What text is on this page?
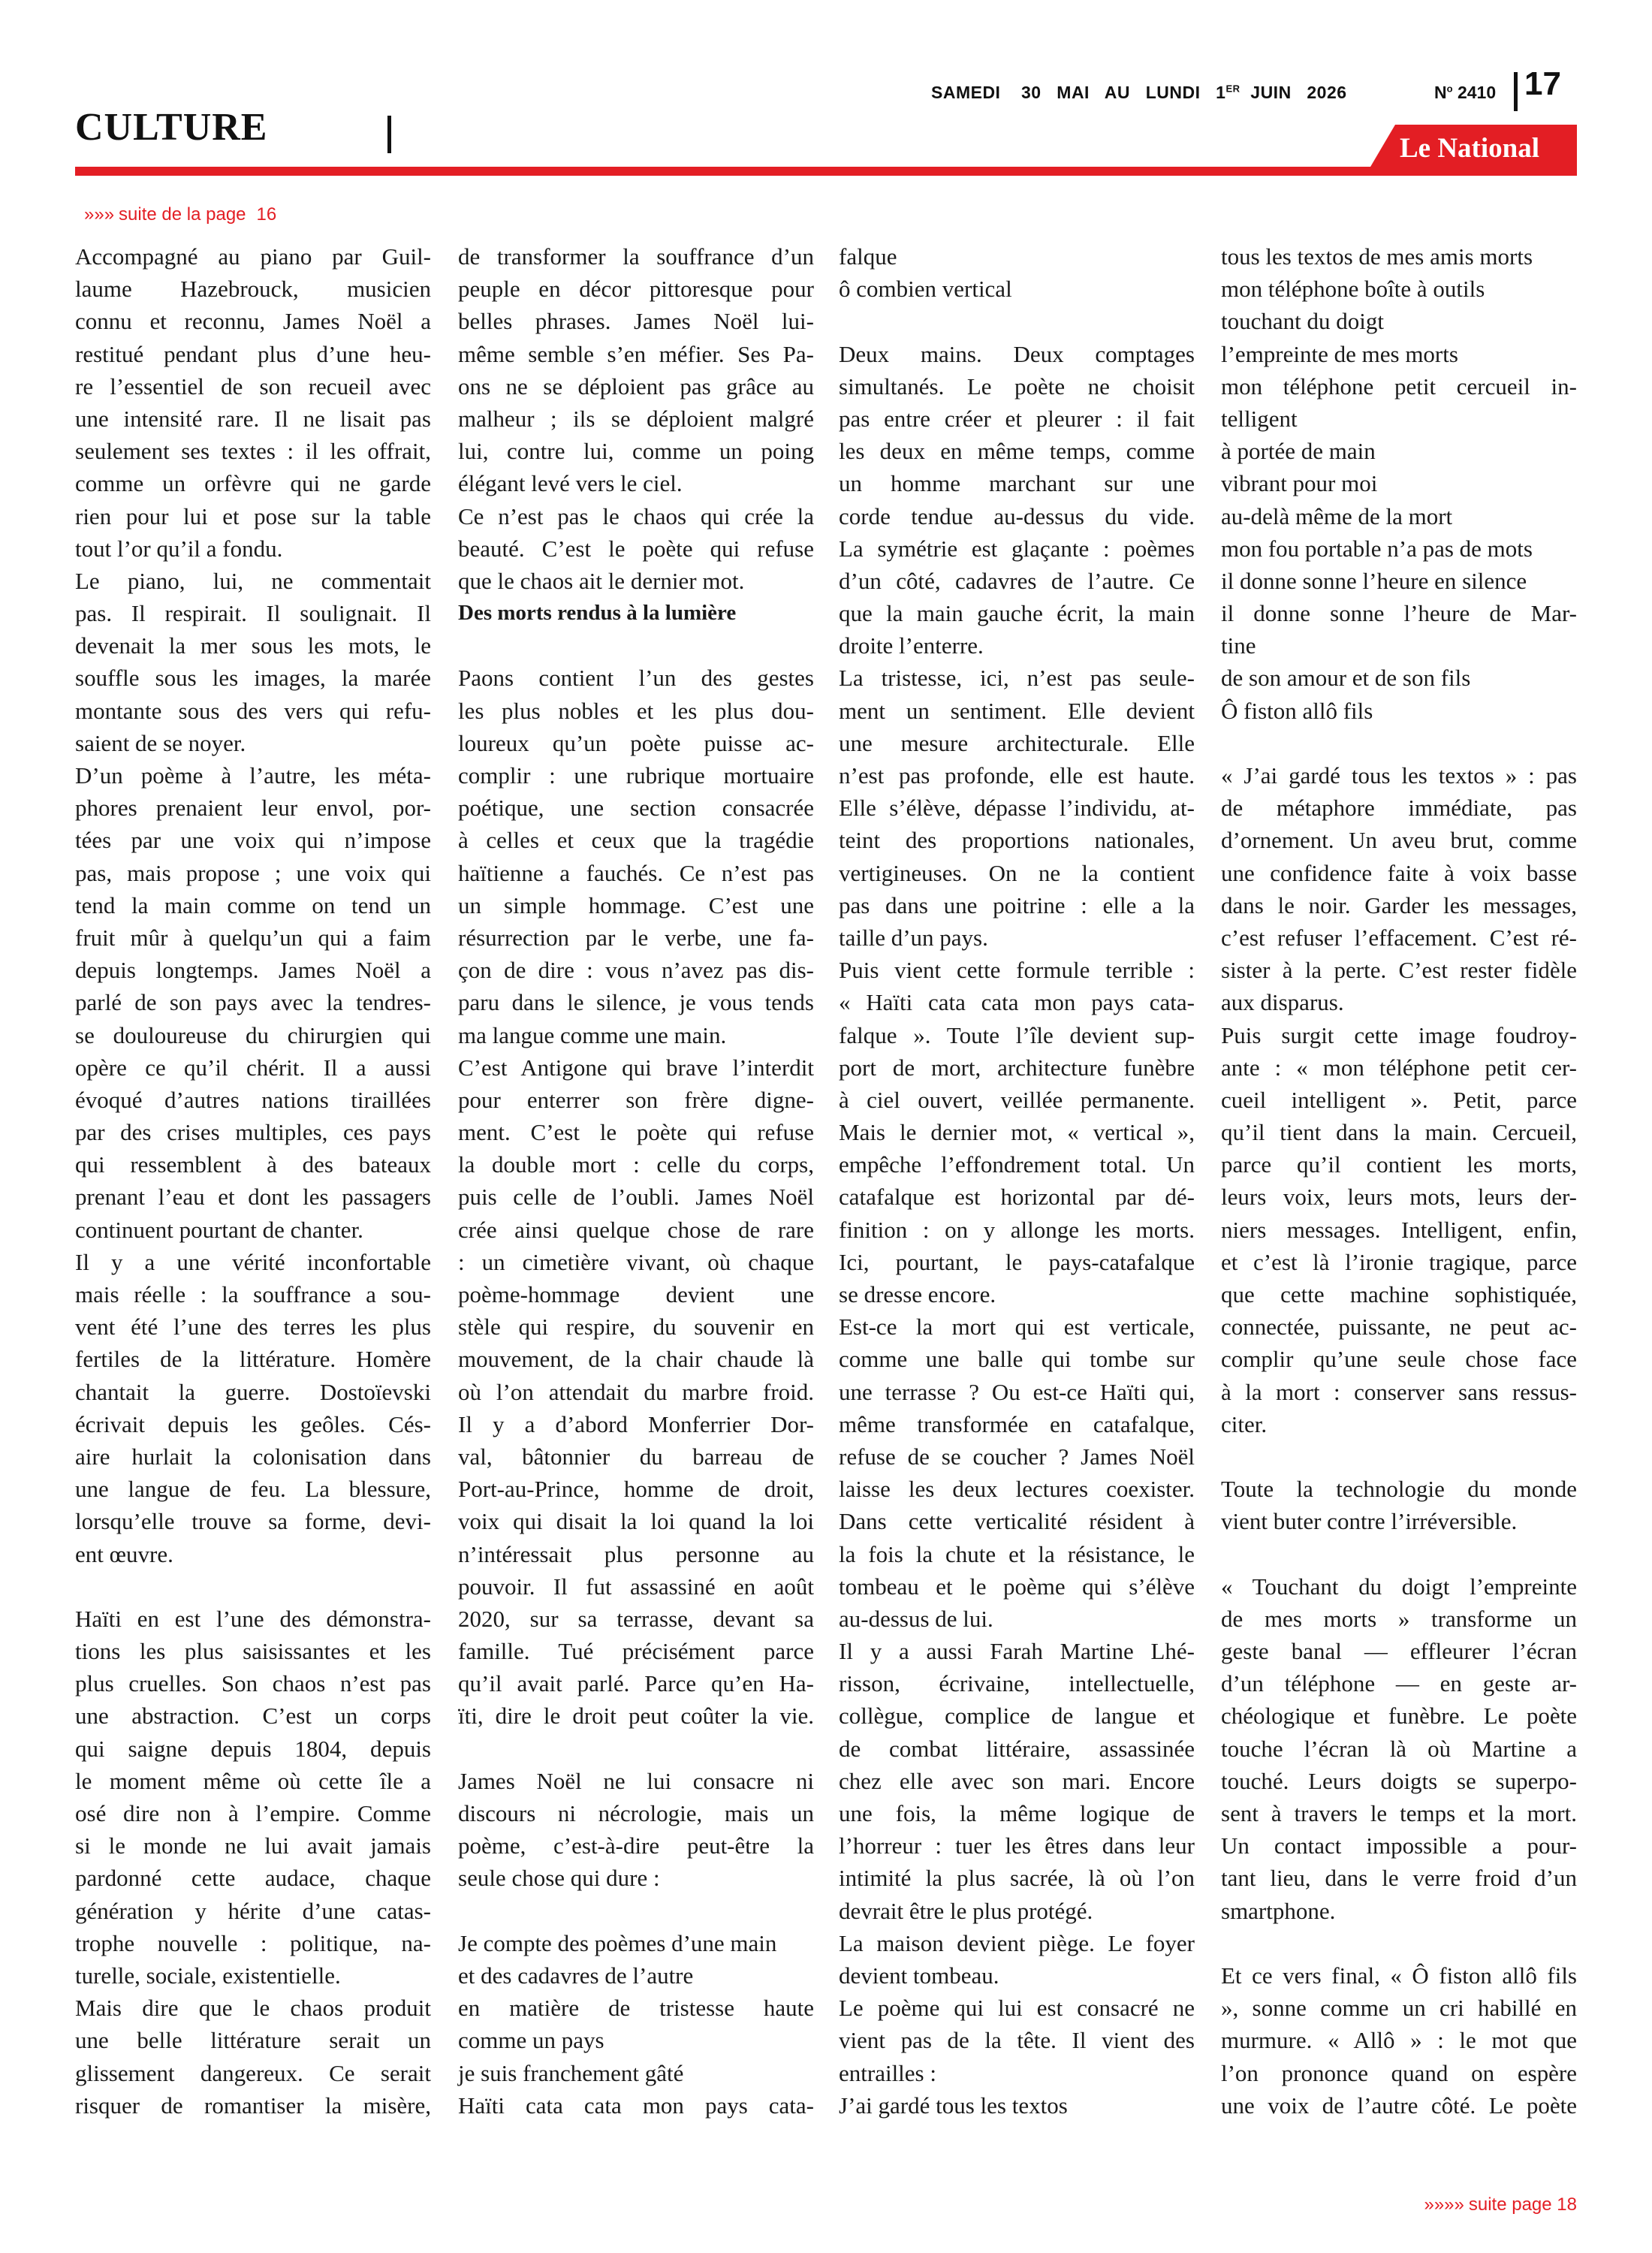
SAMEDI 30 MAI AU LUNDI 1ER JUIN 2026	$N^o$ 2410 17
CULTURE	Le National
»»» suite de la page 16
Accompagné au piano par Guil-
laume Hazebrouck, musicien
connu et reconnu, James Noël a
restitué pendant plus d’une heu-
re l’essentiel de son recueil avec
une intensité rare. Il ne lisait pas
seulement ses textes : il les offrait,
comme un orfèvre qui ne garde
rien pour lui et pose sur la table
tout l’or qu’il a fondu.
Le piano, lui, ne commentait
pas. Il respirait. Il soulignait. Il
devenait la mer sous les mots, le
souffle sous les images, la marée
montante sous des vers qui refu-
saient de se noyer.
D’un poème à l’autre, les méta-
phores prenaient leur envol, por-
tées par une voix qui n’impose
pas, mais propose ; une voix qui
tend la main comme on tend un
fruit mûr à quelqu’un qui a faim
depuis longtemps. James Noël a
parlé de son pays avec la tendres-
se douloureuse du chirurgien qui
opère ce qu’il chérit. Il a aussi
évoqué d’autres nations tiraillées
par des crises multiples, ces pays
qui ressemblent à des bateaux
prenant l’eau et dont les passagers
continuent pourtant de chanter.
Il y a une vérité inconfortable
mais réelle : la souffrance a sou-
vent été l’une des terres les plus
fertiles de la littérature. Homère
chantait la guerre. Dostoïevski
écrivait depuis les geôles. Cés-
aire hurlait la colonisation dans
une langue de feu. La blessure,
lorsqu’elle trouve sa forme, devi-
ent œuvre.
Haïti en est l’une des démonstra-
tions les plus saisissantes et les
plus cruelles. Son chaos n’est pas
une abstraction. C’est un corps
qui saigne depuis 1804, depuis
le moment même où cette île a
osé dire non à l’empire. Comme
si le monde ne lui avait jamais
pardonné cette audace, chaque
génération y hérite d’une catas-
trophe nouvelle : politique, na-
turelle, sociale, existentielle.
Mais dire que le chaos produit
une belle littérature serait un
glissement dangereux. Ce serait
risquer de romantiser la misère,
de transformer la souffrance d’un
peuple en décor pittoresque pour
belles phrases. James Noël lui-
même semble s’en méfier. Ses Pa-
ons ne se déploient pas grâce au
malheur ; ils se déploient malgré
lui, contre lui, comme un poing
élégant levé vers le ciel.
Ce n’est pas le chaos qui crée la
beauté. C’est le poète qui refuse
que le chaos ait le dernier mot.
Des morts rendus à la lumière
Paons contient l’un des gestes
les plus nobles et les plus dou-
loureux qu’un poète puisse ac-
complir : une rubrique mortuaire
poétique, une section consacrée
à celles et ceux que la tragédie
haïtienne a fauchés. Ce n’est pas
un simple hommage. C’est une
résurrection par le verbe, une fa-
çon de dire : vous n’avez pas dis-
paru dans le silence, je vous tends
ma langue comme une main.
C’est Antigone qui brave l’interdit
pour enterrer son frère digne-
ment. C’est le poète qui refuse
la double mort : celle du corps,
puis celle de l’oubli. James Noël
crée ainsi quelque chose de rare
: un cimetière vivant, où chaque
poème-hommage devient une
stèle qui respire, du souvenir en
mouvement, de la chair chaude là
où l’on attendait du marbre froid.
Il y a d’abord Monferrier Dor-
val, bâtonnier du barreau de
Port-au-Prince, homme de droit,
voix qui disait la loi quand la loi
n’intéressait plus personne au
pouvoir. Il fut assassiné en août
2020, sur sa terrasse, devant sa
famille. Tué précisément parce
qu’il avait parlé. Parce qu’en Ha-
ïti, dire le droit peut coûter la vie.
James Noël ne lui consacre ni
discours ni nécrologie, mais un
poème, c’est-à-dire peut-être la
seule chose qui dure :
Je compte des poèmes d’une main
et des cadavres de l’autre
en matière de tristesse haute
comme un pays
je suis franchement gâté
Haïti cata cata mon pays cata-
falque
ô combien vertical
Deux mains. Deux comptages
simultanés. Le poète ne choisit
pas entre créer et pleurer : il fait
les deux en même temps, comme
un homme marchant sur une
corde tendue au-dessus du vide.
La symétrie est glaçante : poèmes
d’un côté, cadavres de l’autre. Ce
que la main gauche écrit, la main
droite l’enterre.
La tristesse, ici, n’est pas seule-
ment un sentiment. Elle devient
une mesure architecturale. Elle
n’est pas profonde, elle est haute.
Elle s’élève, dépasse l’individu, at-
teint des proportions nationales,
vertigineuses. On ne la contient
pas dans une poitrine : elle a la
taille d’un pays.
Puis vient cette formule terrible :
« Haïti cata cata mon pays cata-
falque ». Toute l’île devient sup-
port de mort, architecture funèbre
à ciel ouvert, veillée permanente.
Mais le dernier mot, « vertical »,
empêche l’effondrement total. Un
catafalque est horizontal par dé-
finition : on y allonge les morts.
Ici, pourtant, le pays-catafalque
se dresse encore.
Est-ce la mort qui est verticale,
comme une balle qui tombe sur
une terrasse ? Ou est-ce Haïti qui,
même transformée en catafalque,
refuse de se coucher ? James Noël
laisse les deux lectures coexister.
Dans cette verticalité résident à
la fois la chute et la résistance, le
tombeau et le poème qui s’élève
au-dessus de lui.
Il y a aussi Farah Martine Lhé-
risson, écrivaine, intellectuelle,
collègue, complice de langue et
de combat littéraire, assassinée
chez elle avec son mari. Encore
une fois, la même logique de
l’horreur : tuer les êtres dans leur
intimité la plus sacrée, là où l’on
devrait être le plus protégé.
La maison devient piège. Le foyer
devient tombeau.
Le poème qui lui est consacré ne
vient pas de la tête. Il vient des
entrailles :
J’ai gardé tous les textos
tous les textos de mes amis morts
mon téléphone boîte à outils
touchant du doigt
l’empreinte de mes morts
mon téléphone petit cercueil in-
telligent
à portée de main
vibrant pour moi
au-delà même de la mort
mon fou portable n’a pas de mots
il donne sonne l’heure en silence
il donne sonne l’heure de Mar-
tine
de son amour et de son fils
Ô fiston allô fils
« J’ai gardé tous les textos » : pas
de métaphore immédiate, pas
d’ornement. Un aveu brut, comme
une confidence faite à voix basse
dans le noir. Garder les messages,
c’est refuser l’effacement. C’est ré-
sister à la perte. C’est rester fidèle
aux disparus.
Puis surgit cette image foudroy-
ante : « mon téléphone petit cer-
cueil intelligent ». Petit, parce
qu’il tient dans la main. Cercueil,
parce qu’il contient les morts,
leurs voix, leurs mots, leurs der-
niers messages. Intelligent, enfin,
et c’est là l’ironie tragique, parce
que cette machine sophistiquée,
connectée, puissante, ne peut ac-
complir qu’une seule chose face
à la mort : conserver sans ressus-
citer.
Toute la technologie du monde
vient buter contre l’irréversible.
« Touchant du doigt l’empreinte
de mes morts » transforme un
geste banal — effleurer l’écran
d’un téléphone — en geste ar-
chéologique et funèbre. Le poète
touche l’écran là où Martine a
touché. Leurs doigts se superpo-
sent à travers le temps et la mort.
Un contact impossible a pour-
tant lieu, dans le verre froid d’un
smartphone.
Et ce vers final, « Ô fiston allô fils
», sonne comme un cri habillé en
murmure. « Allô » : le mot que
l’on prononce quand on espère
une voix de l’autre côté. Le poète
»»»» suite page 18
